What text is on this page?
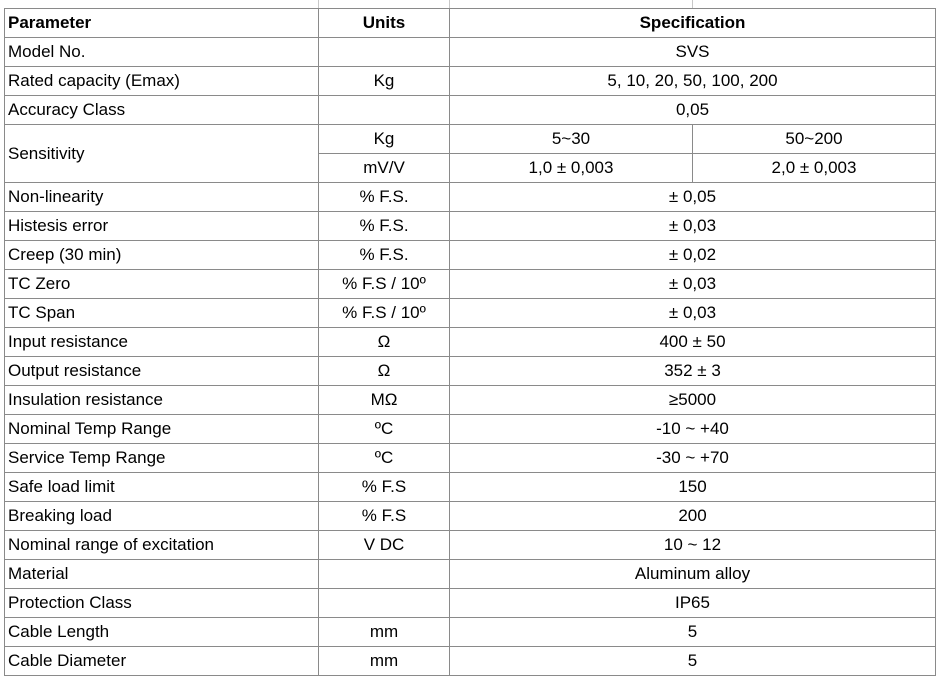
Parameter	Units	Specification	
Model No.		SVS	
Rated capacity (Emax)	Kg	5, 10, 20, 50, 100, 200	
Accuracy Class		0,05	
Sensitivity	Kg	5~30	50~200
	mV/V	1,0 ± 0,003	2,0 ± 0,003
Non-linearity	% F.S.	± 0,05	
Histesis error	% F.S.	± 0,03	
Creep (30 min)	% F.S.	± 0,02	
TC Zero	% F.S / 10º	± 0,03	
TC Span	% F.S / 10º	± 0,03	
Input resistance	Ω	400 ± 50	
Output resistance	Ω	352 ± 3	
Insulation resistance	MΩ	≥5000	
Nominal Temp Range	ºC	-10 ~ +40	
Service Temp Range	ºC	-30 ~ +70	
Safe load limit	% F.S	150	
Breaking load	% F.S	200	
Nominal range of excitation	V DC	10 ~ 12	
Material		Aluminum alloy	
Protection Class		IP65	
Cable Length	mm	5	
Cable Diameter	mm	5	
